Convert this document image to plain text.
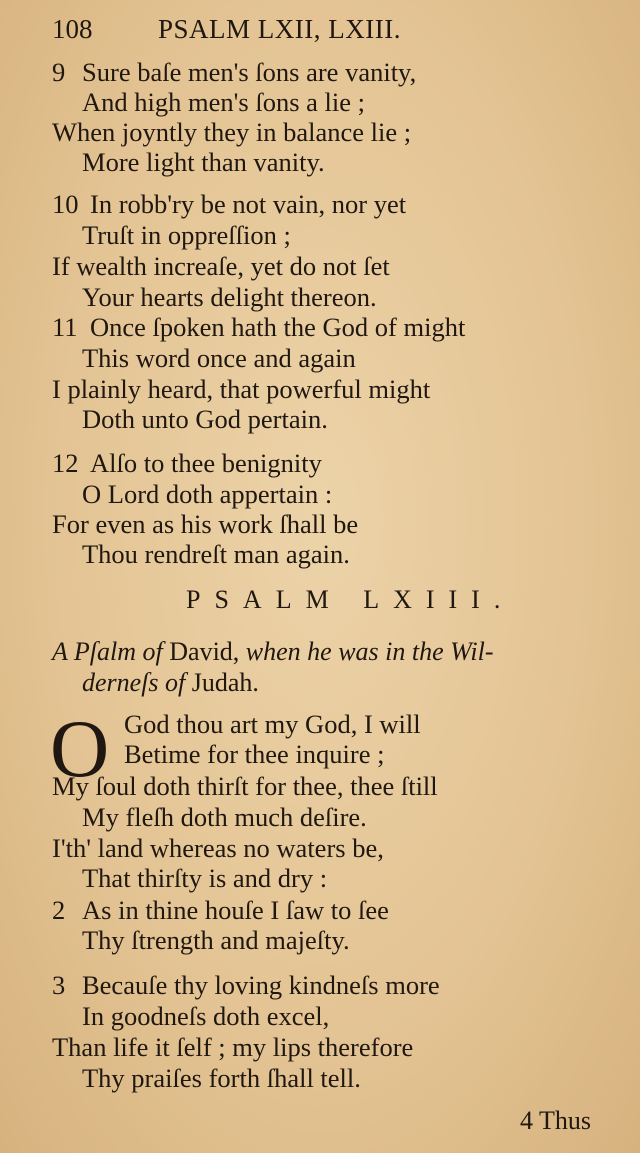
108 PSALM LXII, LXIII.
9 Sure baſe men's ſons are vanity,
And high men's ſons a lie ;
When joyntly they in balance lie ;
More light than vanity.
10 In robb'ry be not vain, nor yet
Truſt in oppreſſion ;
If wealth increaſe, yet do not ſet
Your hearts delight thereon.
11 Once ſpoken hath the God of might
This word once and again
I plainly heard, that powerful might
Doth unto God pertain.
12 Alſo to thee benignity
O Lord doth appertain :
For even as his work ſhall be
Thou rendreſt man again.
PSALM LXIII.
A Pſalm of David, when he was in the Wil-
derneſs of Judah.
O God thou art my God, I will
Betime for thee inquire ;
My ſoul doth thirſt for thee, thee ſtill
My fleſh doth much deſire.
I'th' land whereas no waters be,
That thirſty is and dry :
2 As in thine houſe I ſaw to ſee
Thy ſtrength and majeſty.
3 Becauſe thy loving kindneſs more
In goodneſs doth excel,
Than life it ſelf ; my lips therefore
Thy praiſes forth ſhall tell.
4 Thus
